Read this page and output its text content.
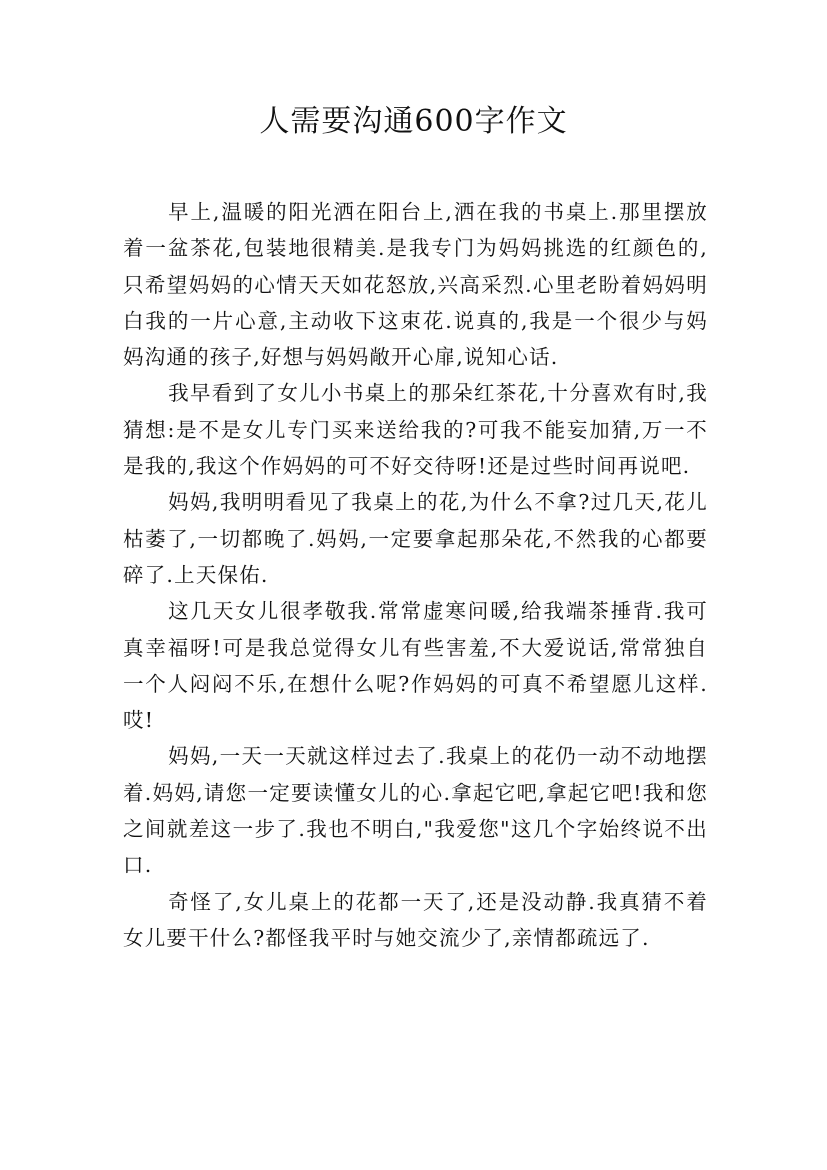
人需要沟通600字作文

早上,温暖的阳光洒在阳台上,洒在我的书桌上.那里摆放着一盆茶花,包装地很精美.是我专门为妈妈挑选的红颜色的,只希望妈妈的心情天天如花怒放,兴高采烈.心里老盼着妈妈明白我的一片心意,主动收下这束花.说真的,我是一个很少与妈妈沟通的孩子,好想与妈妈敞开心扉,说知心话.

我早看到了女儿小书桌上的那朵红茶花,十分喜欢有时,我猜想:是不是女儿专门买来送给我的?可我不能妄加猜,万一不是我的,我这个作妈妈的可不好交待呀!还是过些时间再说吧.

妈妈,我明明看见了我桌上的花,为什么不拿?过几天,花儿枯萎了,一切都晚了.妈妈,一定要拿起那朵花,不然我的心都要碎了.上天保佑.

这几天女儿很孝敬我.常常虚寒问暖,给我端茶捶背.我可真幸福呀!可是我总觉得女儿有些害羞,不大爱说话,常常独自一个人闷闷不乐,在想什么呢?作妈妈的可真不希望愿儿这样.哎!

妈妈,一天一天就这样过去了.我桌上的花仍一动不动地摆着.妈妈,请您一定要读懂女儿的心.拿起它吧,拿起它吧!我和您之间就差这一步了.我也不明白,"我爱您"这几个字始终说不出口.

奇怪了,女儿桌上的花都一天了,还是没动静.我真猜不着女儿要干什么?都怪我平时与她交流少了,亲情都疏远了.
